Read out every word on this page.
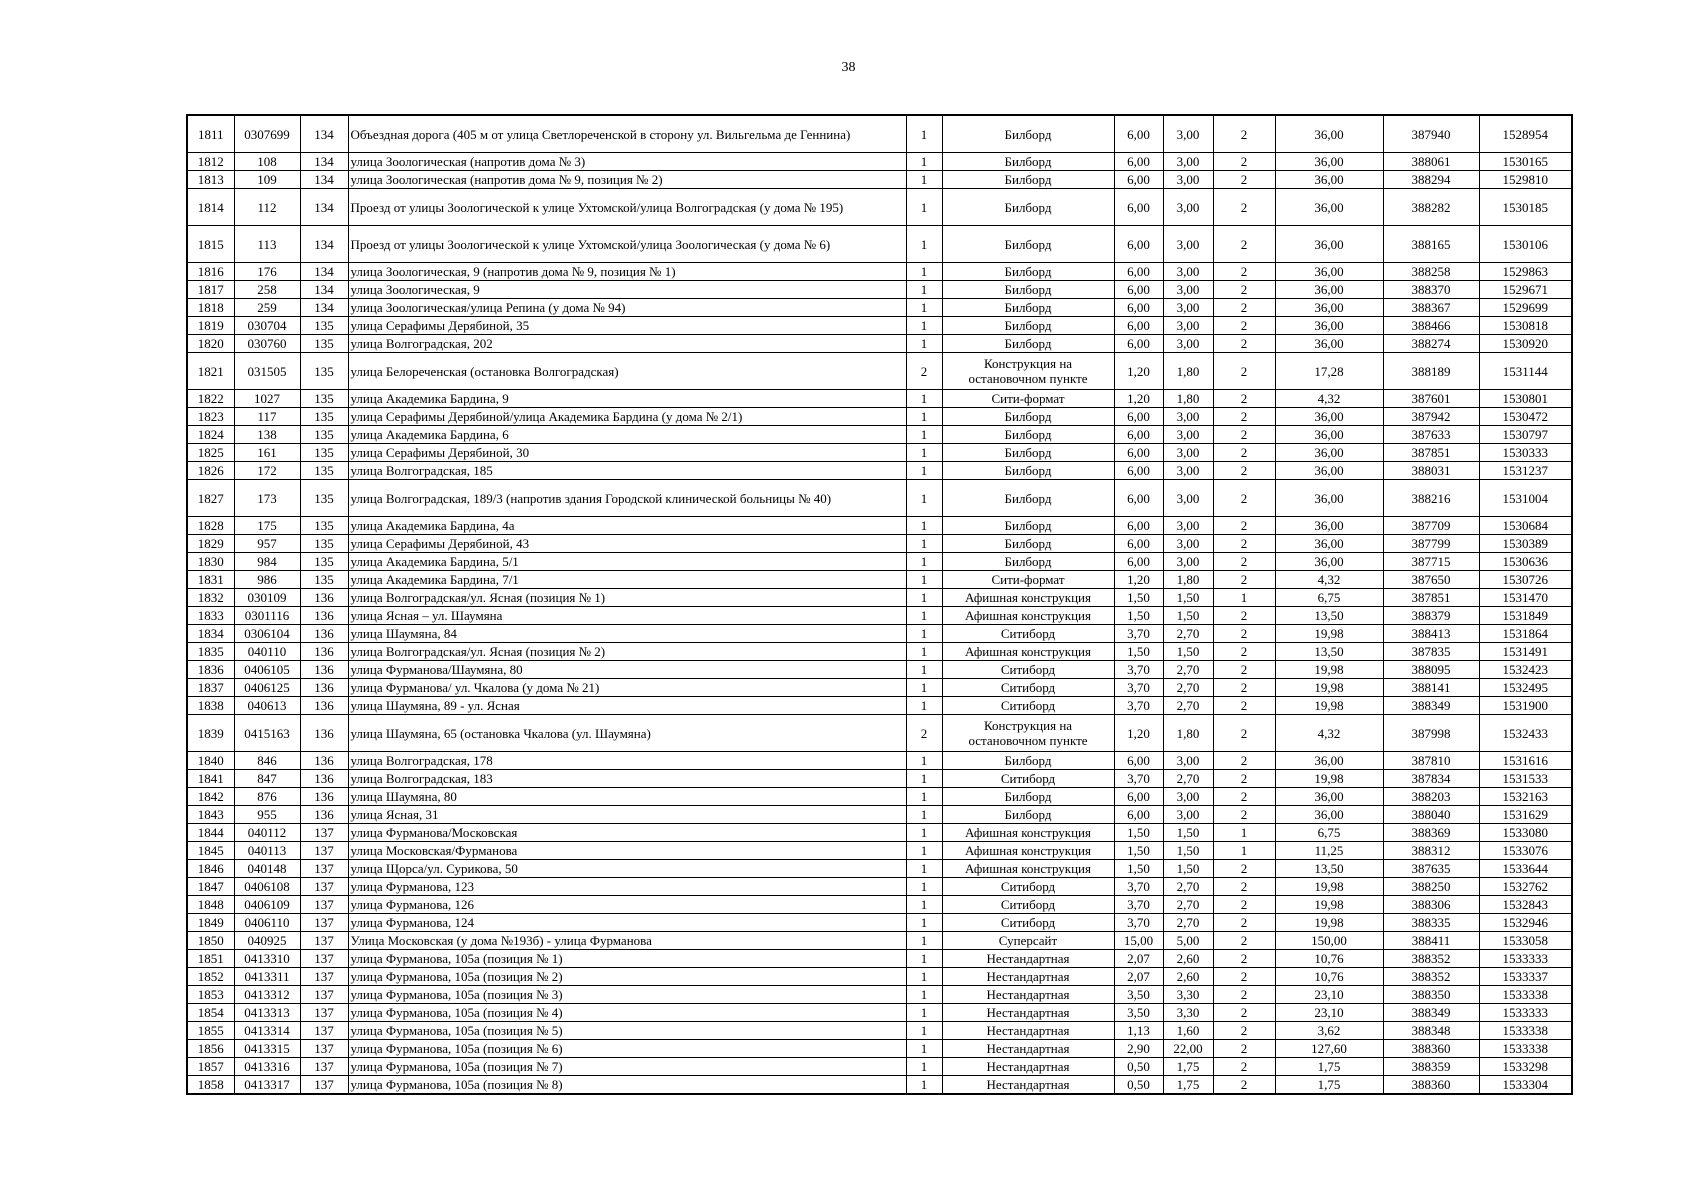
38
1811	0307699	134	Объездная дорога (405 м от улица Светлореченской в сторону ул. Вильгельма де Геннина)	1	Билборд	6,00	3,00	2	36,00	387940	1528954
1812	108	134	улица Зоологическая (напротив дома № 3)	1	Билборд	6,00	3,00	2	36,00	388061	1530165
1813	109	134	улица Зоологическая (напротив дома № 9, позиция № 2)	1	Билборд	6,00	3,00	2	36,00	388294	1529810
1814	112	134	Проезд от улицы Зоологической к улице Ухтомской/улица Волгоградская (у дома № 195)	1	Билборд	6,00	3,00	2	36,00	388282	1530185
1815	113	134	Проезд от улицы Зоологической к улице Ухтомской/улица Зоологическая (у дома № 6)	1	Билборд	6,00	3,00	2	36,00	388165	1530106
1816	176	134	улица Зоологическая, 9 (напротив дома № 9, позиция № 1)	1	Билборд	6,00	3,00	2	36,00	388258	1529863
1817	258	134	улица Зоологическая, 9	1	Билборд	6,00	3,00	2	36,00	388370	1529671
1818	259	134	улица Зоологическая/улица Репина (у дома № 94)	1	Билборд	6,00	3,00	2	36,00	388367	1529699
1819	030704	135	улица Серафимы Дерябиной, 35	1	Билборд	6,00	3,00	2	36,00	388466	1530818
1820	030760	135	улица Волгоградская, 202	1	Билборд	6,00	3,00	2	36,00	388274	1530920
1821	031505	135	улица Белореченская (остановка Волгоградская)	2	Конструкция на остановочном пункте	1,20	1,80	2	17,28	388189	1531144
1822	1027	135	улица Академика Бардина, 9	1	Сити-формат	1,20	1,80	2	4,32	387601	1530801
1823	117	135	улица Серафимы Дерябиной/улица Академика Бардина (у дома № 2/1)	1	Билборд	6,00	3,00	2	36,00	387942	1530472
1824	138	135	улица Академика Бардина, 6	1	Билборд	6,00	3,00	2	36,00	387633	1530797
1825	161	135	улица Серафимы Дерябиной, 30	1	Билборд	6,00	3,00	2	36,00	387851	1530333
1826	172	135	улица Волгоградская, 185	1	Билборд	6,00	3,00	2	36,00	388031	1531237
1827	173	135	улица Волгоградская, 189/3 (напротив здания Городской клинической больницы № 40)	1	Билборд	6,00	3,00	2	36,00	388216	1531004
1828	175	135	улица Академика Бардина, 4а	1	Билборд	6,00	3,00	2	36,00	387709	1530684
1829	957	135	улица Серафимы Дерябиной, 43	1	Билборд	6,00	3,00	2	36,00	387799	1530389
1830	984	135	улица Академика Бардина, 5/1	1	Билборд	6,00	3,00	2	36,00	387715	1530636
1831	986	135	улица Академика Бардина, 7/1	1	Сити-формат	1,20	1,80	2	4,32	387650	1530726
1832	030109	136	улица Волгоградская/ул. Ясная (позиция № 1)	1	Афишная конструкция	1,50	1,50	1	6,75	387851	1531470
1833	0301116	136	улица Ясная – ул. Шаумяна	1	Афишная конструкция	1,50	1,50	2	13,50	388379	1531849
1834	0306104	136	улица Шаумяна, 84	1	Ситиборд	3,70	2,70	2	19,98	388413	1531864
1835	040110	136	улица Волгоградская/ул. Ясная (позиция № 2)	1	Афишная конструкция	1,50	1,50	2	13,50	387835	1531491
1836	0406105	136	улица Фурманова/Шаумяна, 80	1	Ситиборд	3,70	2,70	2	19,98	388095	1532423
1837	0406125	136	улица Фурманова/ ул. Чкалова (у дома № 21)	1	Ситиборд	3,70	2,70	2	19,98	388141	1532495
1838	040613	136	улица Шаумяна, 89 - ул. Ясная	1	Ситиборд	3,70	2,70	2	19,98	388349	1531900
1839	0415163	136	улица Шаумяна, 65 (остановка Чкалова (ул. Шаумяна)	2	Конструкция на остановочном пункте	1,20	1,80	2	4,32	387998	1532433
1840	846	136	улица Волгоградская, 178	1	Билборд	6,00	3,00	2	36,00	387810	1531616
1841	847	136	улица Волгоградская, 183	1	Ситиборд	3,70	2,70	2	19,98	387834	1531533
1842	876	136	улица Шаумяна, 80	1	Билборд	6,00	3,00	2	36,00	388203	1532163
1843	955	136	улица Ясная, 31	1	Билборд	6,00	3,00	2	36,00	388040	1531629
1844	040112	137	улица Фурманова/Московская	1	Афишная конструкция	1,50	1,50	1	6,75	388369	1533080
1845	040113	137	улица Московская/Фурманова	1	Афишная конструкция	1,50	1,50	1	11,25	388312	1533076
1846	040148	137	улица Щорса/ул. Сурикова, 50	1	Афишная конструкция	1,50	1,50	2	13,50	387635	1533644
1847	0406108	137	улица Фурманова, 123	1	Ситиборд	3,70	2,70	2	19,98	388250	1532762
1848	0406109	137	улица Фурманова, 126	1	Ситиборд	3,70	2,70	2	19,98	388306	1532843
1849	0406110	137	улица Фурманова, 124	1	Ситиборд	3,70	2,70	2	19,98	388335	1532946
1850	040925	137	Улица Московская (у дома №193б) - улица Фурманова	1	Суперсайт	15,00	5,00	2	150,00	388411	1533058
1851	0413310	137	улица Фурманова, 105а (позиция № 1)	1	Нестандартная	2,07	2,60	2	10,76	388352	1533333
1852	0413311	137	улица Фурманова, 105а (позиция № 2)	1	Нестандартная	2,07	2,60	2	10,76	388352	1533337
1853	0413312	137	улица Фурманова, 105а (позиция № 3)	1	Нестандартная	3,50	3,30	2	23,10	388350	1533338
1854	0413313	137	улица Фурманова, 105а (позиция № 4)	1	Нестандартная	3,50	3,30	2	23,10	388349	1533333
1855	0413314	137	улица Фурманова, 105а (позиция № 5)	1	Нестандартная	1,13	1,60	2	3,62	388348	1533338
1856	0413315	137	улица Фурманова, 105а (позиция № 6)	1	Нестандартная	2,90	22,00	2	127,60	388360	1533338
1857	0413316	137	улица Фурманова, 105а (позиция № 7)	1	Нестандартная	0,50	1,75	2	1,75	388359	1533298
1858	0413317	137	улица Фурманова, 105а (позиция № 8)	1	Нестандартная	0,50	1,75	2	1,75	388360	1533304
